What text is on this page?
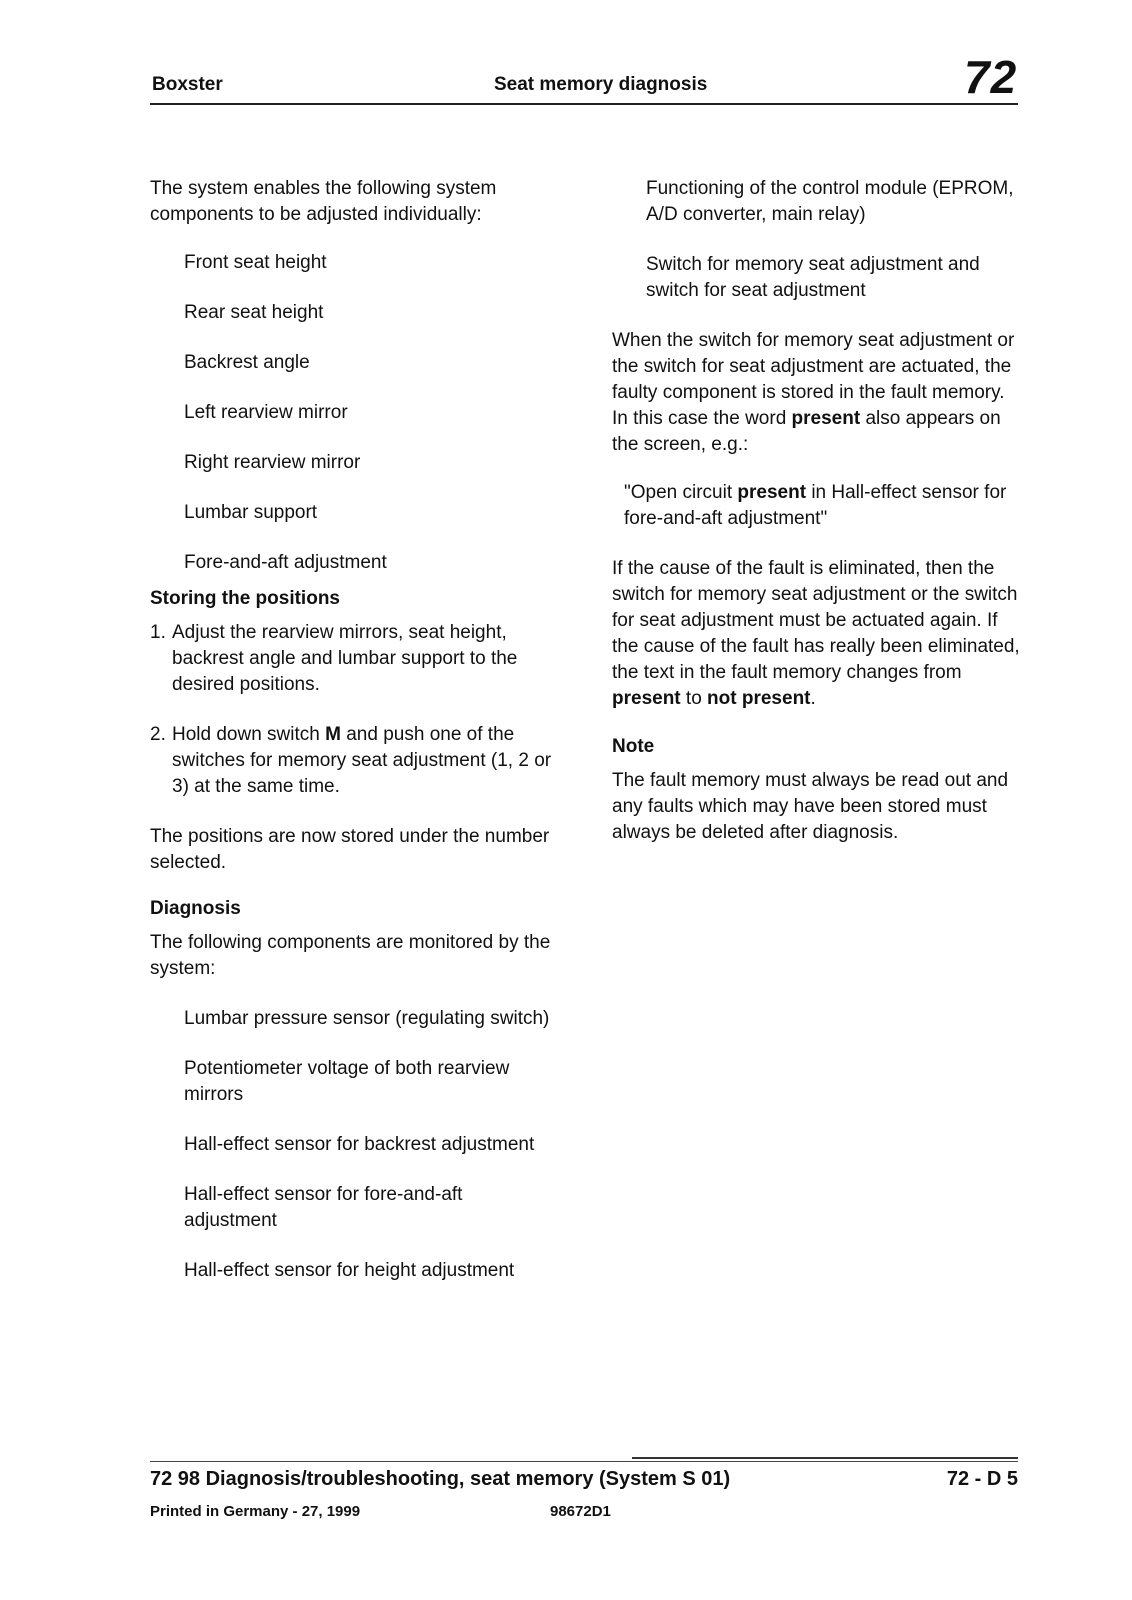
Boxster	Seat memory diagnosis	72

The system enables the following system components to be adjusted individually:

Front seat height

Rear seat height

Backrest angle

Left rearview mirror

Right rearview mirror

Lumbar support

Fore-and-aft adjustment

Storing the positions

1. Adjust the rearview mirrors, seat height, backrest angle and lumbar support to the desired positions.
2. Hold down switch M and push one of the switches for memory seat adjustment (1, 2 or 3) at the same time.

The positions are now stored under the number selected.

Diagnosis

The following components are monitored by the system:

Lumbar pressure sensor (regulating switch)

Potentiometer voltage of both rearview mirrors

Hall-effect sensor for backrest adjustment

Hall-effect sensor for fore-and-aft adjustment

Hall-effect sensor for height adjustment

Functioning of the control module (EPROM, A/D converter, main relay)

Switch for memory seat adjustment and switch for seat adjustment

When the switch for memory seat adjustment or the switch for seat adjustment are actuated, the faulty component is stored in the fault memory. In this case the word present also appears on the screen, e.g.:

"Open circuit present in Hall-effect sensor for fore-and-aft adjustment"

If the cause of the fault is eliminated, then the switch for memory seat adjustment or the switch for seat adjustment must be actuated again. If the cause of the fault has really been eliminated, the text in the fault memory changes from present to not present.

Note

The fault memory must always be read out and any faults which may have been stored must always be deleted after diagnosis.

72 98 Diagnosis/troubleshooting, seat memory (System S 01)	72 - D 5
Printed in Germany - 27, 1999	98672D1
